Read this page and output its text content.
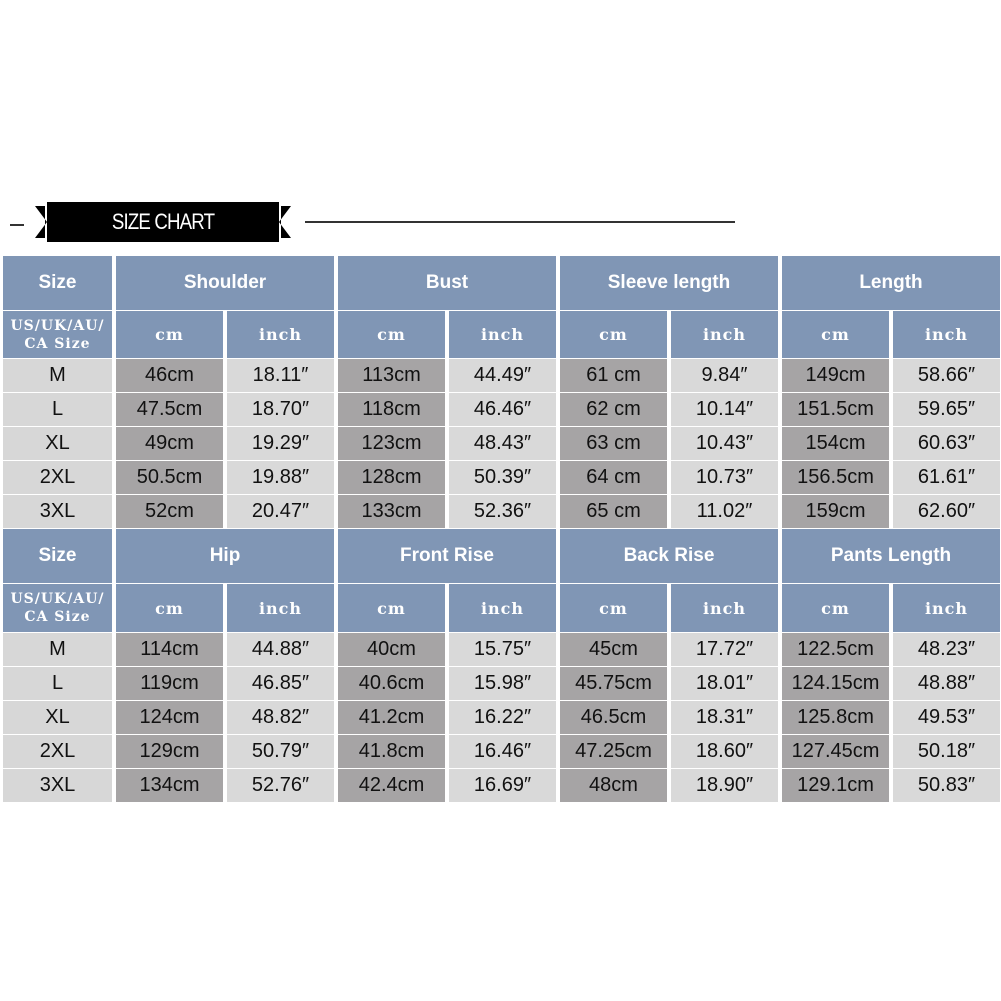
SIZE CHART
Size	Shoulder	Bust	Sleeve length	Length
US/UK/AU/
CA Size	cm	inch	cm	inch	cm	inch	cm	inch
M	46cm	18.11″	113cm	44.49″	61 cm	9.84″	149cm	58.66″
L	47.5cm	18.70″	118cm	46.46″	62 cm	10.14″	151.5cm	59.65″
XL	49cm	19.29″	123cm	48.43″	63 cm	10.43″	154cm	60.63″
2XL	50.5cm	19.88″	128cm	50.39″	64 cm	10.73″	156.5cm	61.61″
3XL	52cm	20.47″	133cm	52.36″	65 cm	11.02″	159cm	62.60″
Size	Hip	Front Rise	Back Rise	Pants Length
US/UK/AU/
CA Size	cm	inch	cm	inch	cm	inch	cm	inch
M	114cm	44.88″	40cm	15.75″	45cm	17.72″	122.5cm	48.23″
L	119cm	46.85″	40.6cm	15.98″	45.75cm	18.01″	124.15cm	48.88″
XL	124cm	48.82″	41.2cm	16.22″	46.5cm	18.31″	125.8cm	49.53″
2XL	129cm	50.79″	41.8cm	16.46″	47.25cm	18.60″	127.45cm	50.18″
3XL	134cm	52.76″	42.4cm	16.69″	48cm	18.90″	129.1cm	50.83″
